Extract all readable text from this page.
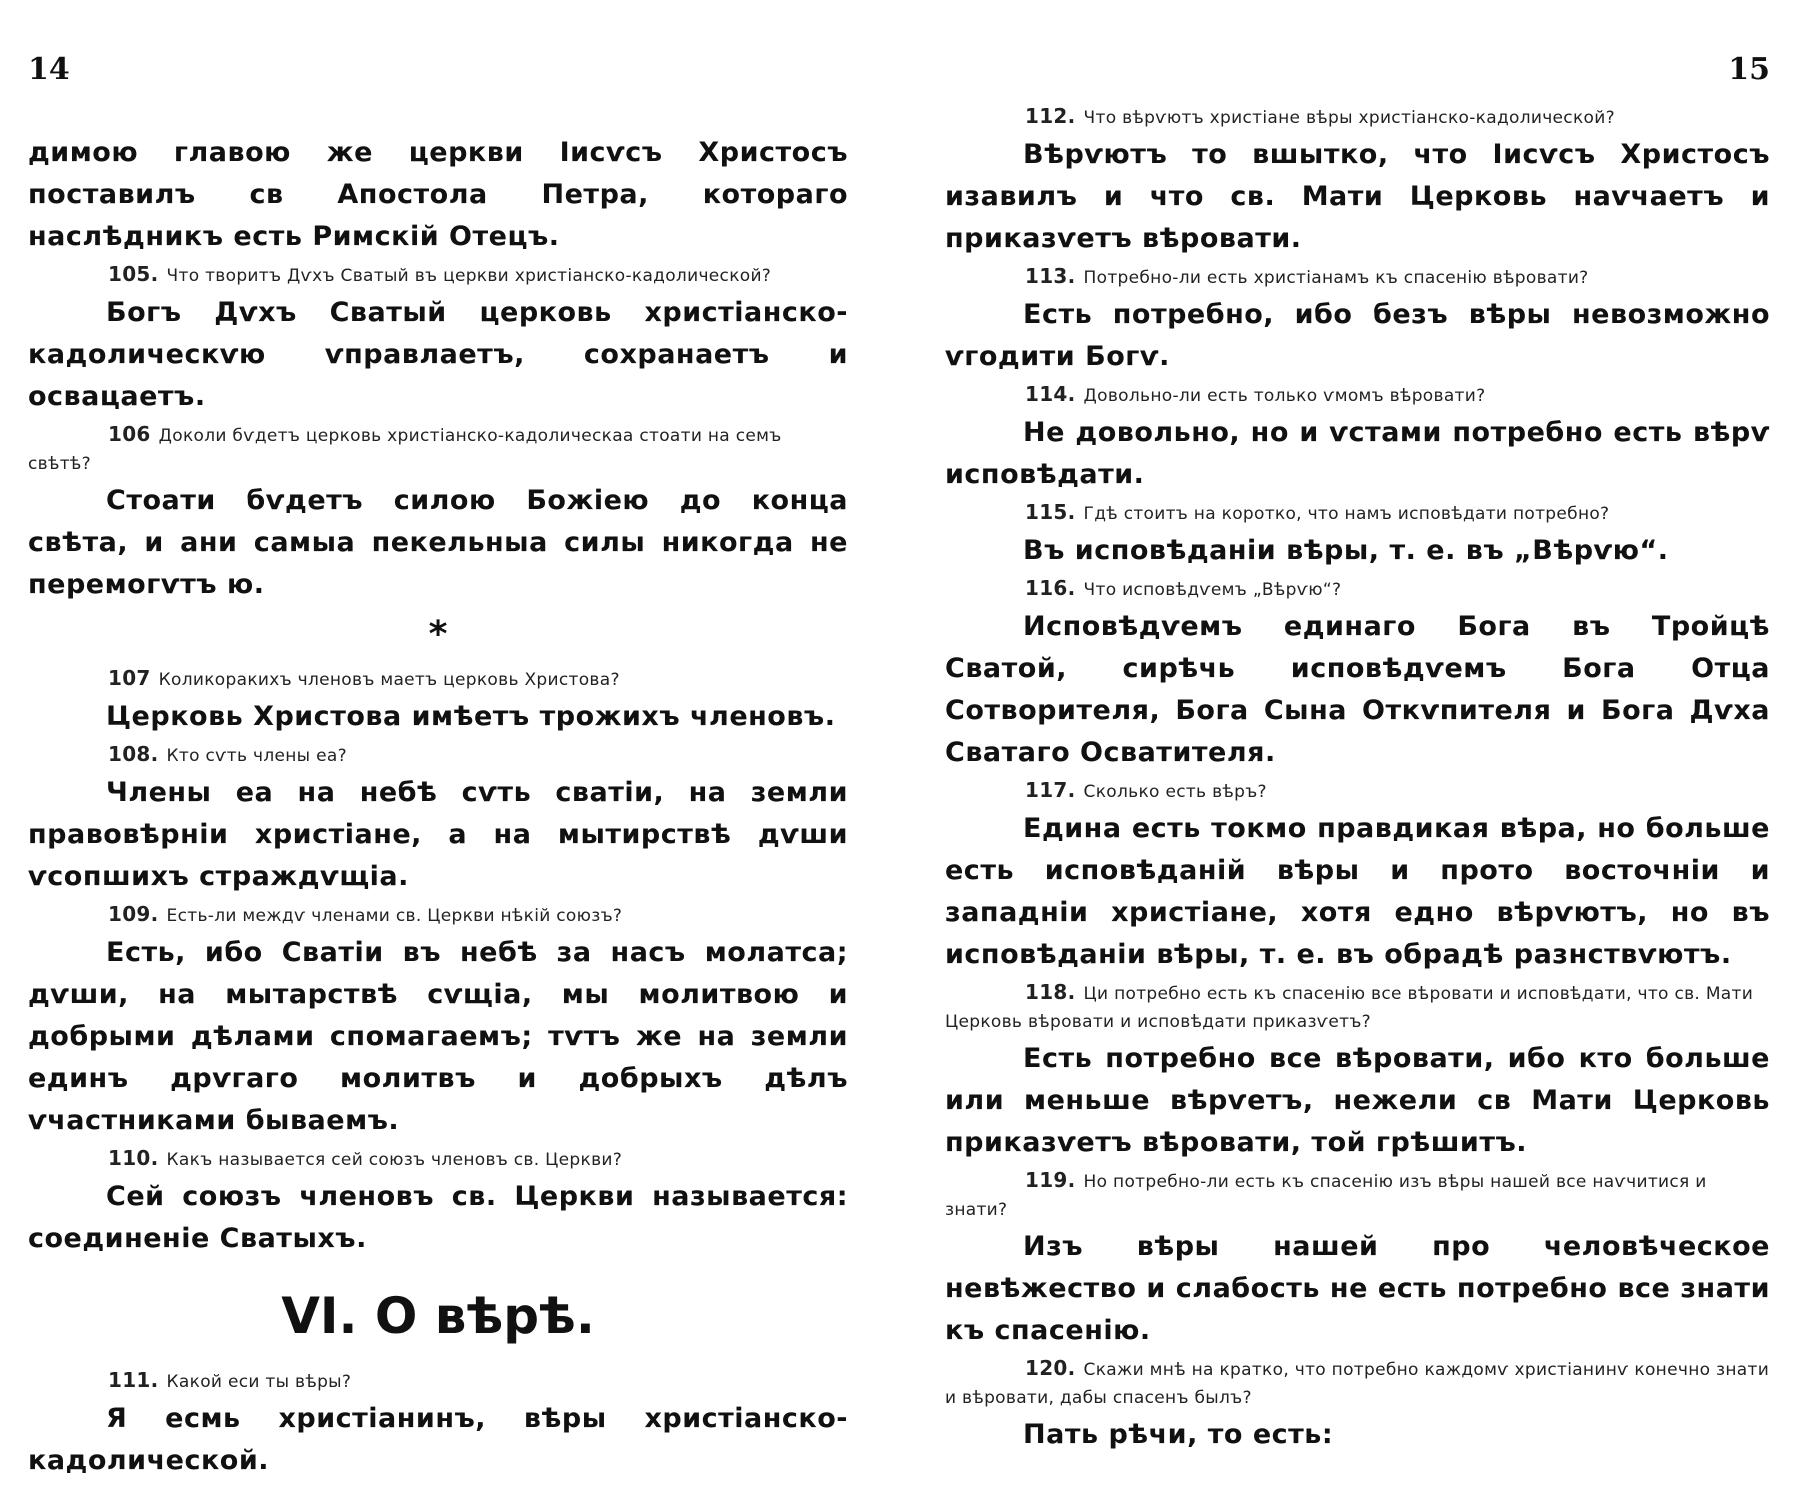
14

димою главою же церкви Іисѵсъ Христосъ поставилъ св Апостола Петра, котораго наслѣдникъ есть Римскій Отецъ.

105. Что творитъ Дѵхъ Сватый въ церкви христіанско-кадолической?

Богъ Дѵхъ Сватый церковь христіанско-кадолическѵю ѵправлаетъ, сохранаетъ и освацаетъ.

106 Доколи бѵдетъ церковь христіанско-кадолическаа стоати на семъ свѣтѣ?

Стоати бѵдетъ силою Божіею до конца свѣта, и ани самыа пекельныа силы никогда не перемогѵтъ ю.

*

107 Коликоракихъ членовъ маетъ церковь Христова?

Церковь Христова имѣетъ трожихъ членовъ.

108. Кто сѵть члены еа?

Члены еа на небѣ сѵть сватіи, на земли правовѣрніи христіане, а на мытирствѣ дѵши ѵсопшихъ страждѵщіа.

109. Есть-ли междѵ членами св. Церкви нѣкій союзъ?

Есть, ибо Сватіи въ небѣ за насъ молатса; дѵши, на мытарствѣ сѵщіа, мы молитвою и добрыми дѣлами спомагаемъ; тѵтъ же на земли единъ дрѵгаго молитвъ и добрыхъ дѣлъ ѵчастниками бываемъ.

110. Какъ называется сей союзъ членовъ св. Церкви?

Сей союзъ членовъ св. Церкви называется: соединеніе Сватыхъ.

VI. О вѣрѣ.

111. Какой еси ты вѣры?

Я есмь христіанинъ, вѣры христіанско-кадолической.

15

112. Что вѣрѵютъ христіане вѣры христіанско-кадолической?

Вѣрѵютъ то вшытко, что Іисѵсъ Христосъ изавилъ и что св. Мати Церковь наѵчаетъ и приказѵетъ вѣровати.

113. Потребно-ли есть христіанамъ къ спасенію вѣровати?

Есть потребно, ибо безъ вѣры невозможно ѵгодити Богѵ.

114. Довольно-ли есть только ѵмомъ вѣровати?

Не довольно, но и ѵстами потребно есть вѣрѵ исповѣдати.

115. Гдѣ стоитъ на коротко, что намъ исповѣдати потребно?

Въ исповѣданіи вѣры, т. е. въ „Вѣрѵю“.

116. Что исповѣдѵемъ „Вѣрѵю“?

Исповѣдѵемъ единаго Бога въ Тройцѣ Сватой, сирѣчь исповѣдѵемъ Бога Отца Сотворителя, Бога Сына Откѵпителя и Бога Дѵха Сватаго Осватителя.

117. Сколько есть вѣръ?

Едина есть токмо правдикая вѣра, но больше есть исповѣданій вѣры и прото восточніи и западніи христіане, хотя едно вѣрѵютъ, но въ исповѣданіи вѣры, т. е. въ обрадѣ разнствѵютъ.

118. Ци потребно есть къ спасенію все вѣровати и исповѣдати, что св. Мати Церковь вѣровати и исповѣдати приказѵетъ?

Есть потребно все вѣровати, ибо кто больше или меньше вѣрѵетъ, нежели св Мати Церковь приказѵетъ вѣровати, той грѣшитъ.

119. Но потребно-ли есть къ спасенію изъ вѣры нашей все наѵчитися и знати?

Изъ вѣры нашей про человѣческое невѣжество и слабость не есть потребно все знати къ спасенію.

120. Скажи мнѣ на кратко, что потребно каждомѵ христіанинѵ конечно знати и вѣровати, дабы спасенъ былъ?

Пать рѣчи, то есть:
